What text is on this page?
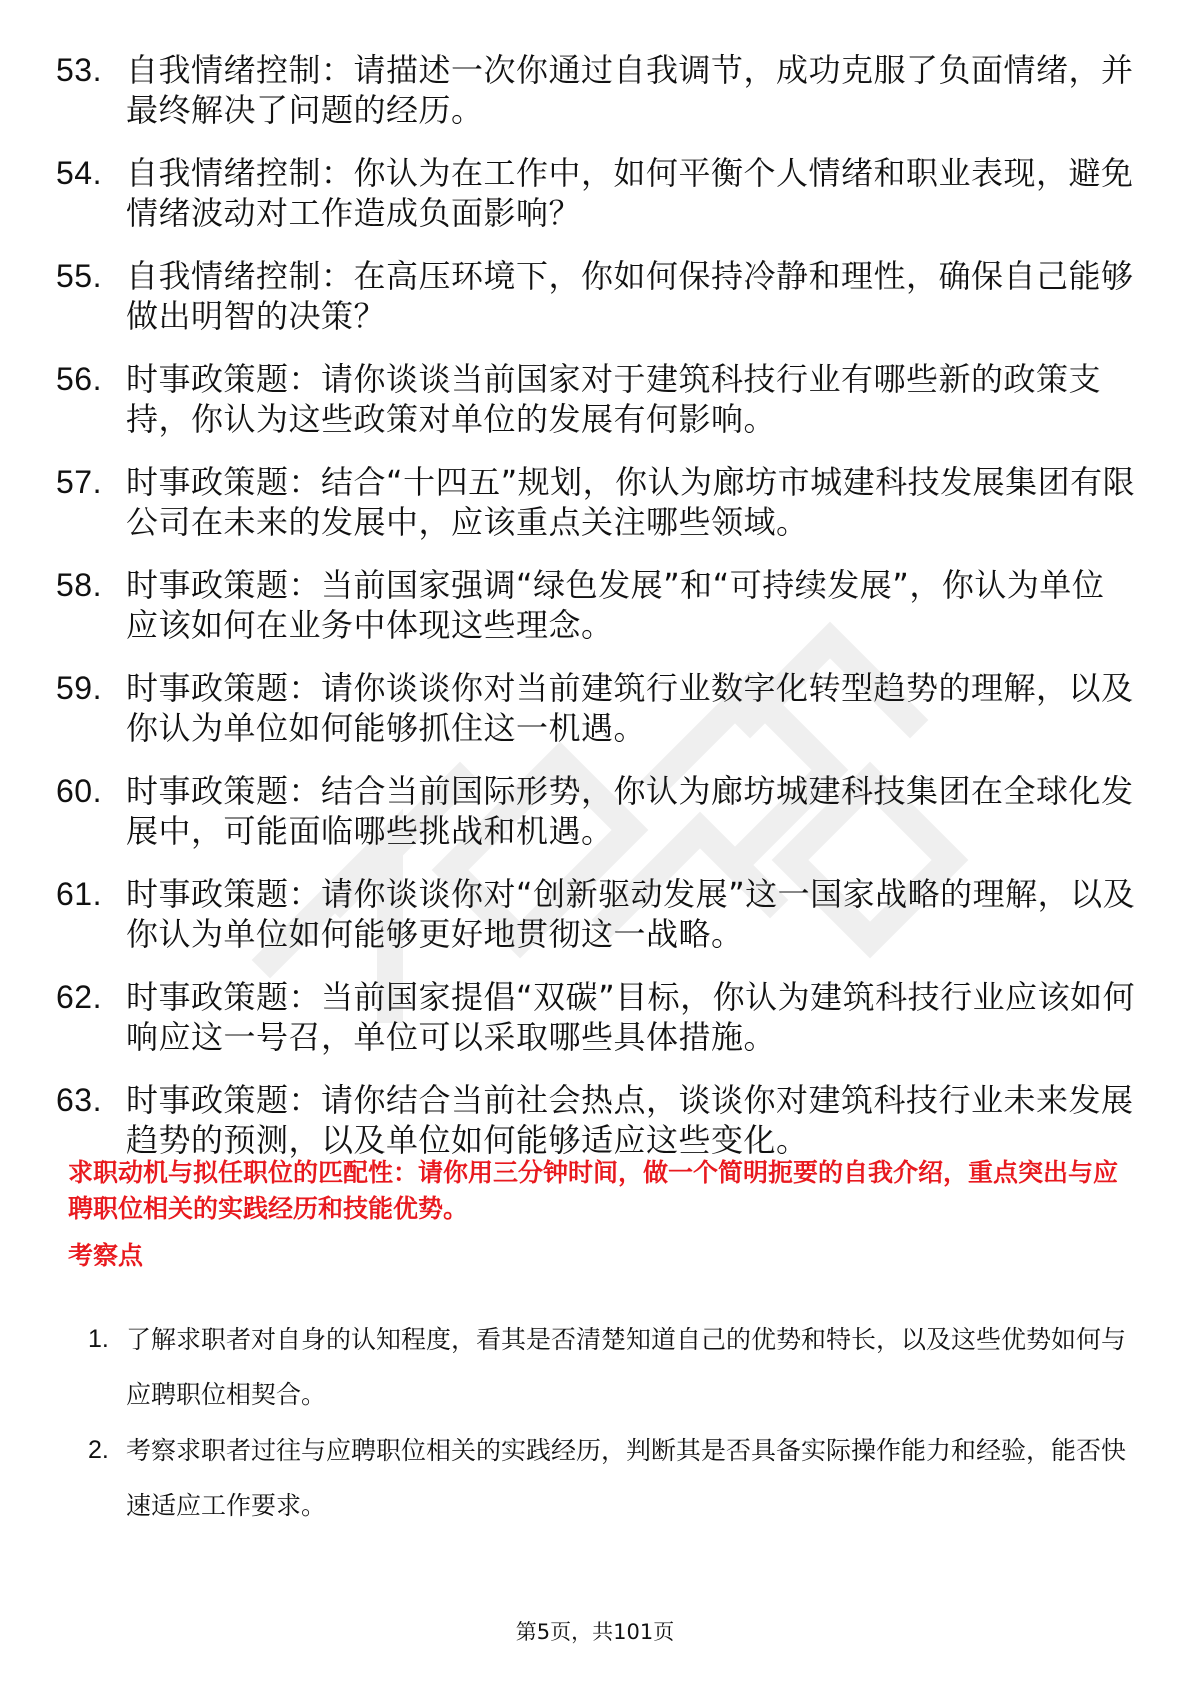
53. 自我情绪控制：请描述一次你通过自我调节，成功克服了负面情绪，并最终解决了问题的经历。
54. 自我情绪控制：你认为在工作中，如何平衡个人情绪和职业表现，避免情绪波动对工作造成负面影响？
55. 自我情绪控制：在高压环境下，你如何保持冷静和理性，确保自己能够做出明智的决策？
56. 时事政策题：请你谈谈当前国家对于建筑科技行业有哪些新的政策支持，你认为这些政策对单位的发展有何影响。
57. 时事政策题：结合“十四五”规划，你认为廊坊市城建科技发展集团有限公司在未来的发展中，应该重点关注哪些领域。
58. 时事政策题：当前国家强调“绿色发展”和“可持续发展”，你认为单位应该如何在业务中体现这些理念。
59. 时事政策题：请你谈谈你对当前建筑行业数字化转型趋势的理解，以及你认为单位如何能够抓住这一机遇。
60. 时事政策题：结合当前国际形势，你认为廊坊城建科技集团在全球化发展中，可能面临哪些挑战和机遇。
61. 时事政策题：请你谈谈你对“创新驱动发展”这一国家战略的理解，以及你认为单位如何能够更好地贯彻这一战略。
62. 时事政策题：当前国家提倡“双碳”目标，你认为建筑科技行业应该如何响应这一号召，单位可以采取哪些具体措施。
63. 时事政策题：请你结合当前社会热点，谈谈你对建筑科技行业未来发展趋势的预测，以及单位如何能够适应这些变化。

求职动机与拟任职位的匹配性：请你用三分钟时间，做一个简明扼要的自我介绍，重点突出与应聘职位相关的实践经历和技能优势。

考察点
1. 了解求职者对自身的认知程度，看其是否清楚知道自己的优势和特长，以及这些优势如何与应聘职位相契合。
2. 考察求职者过往与应聘职位相关的实践经历，判断其是否具备实际操作能力和经验，能否快速适应工作要求。
第5页，共101页
